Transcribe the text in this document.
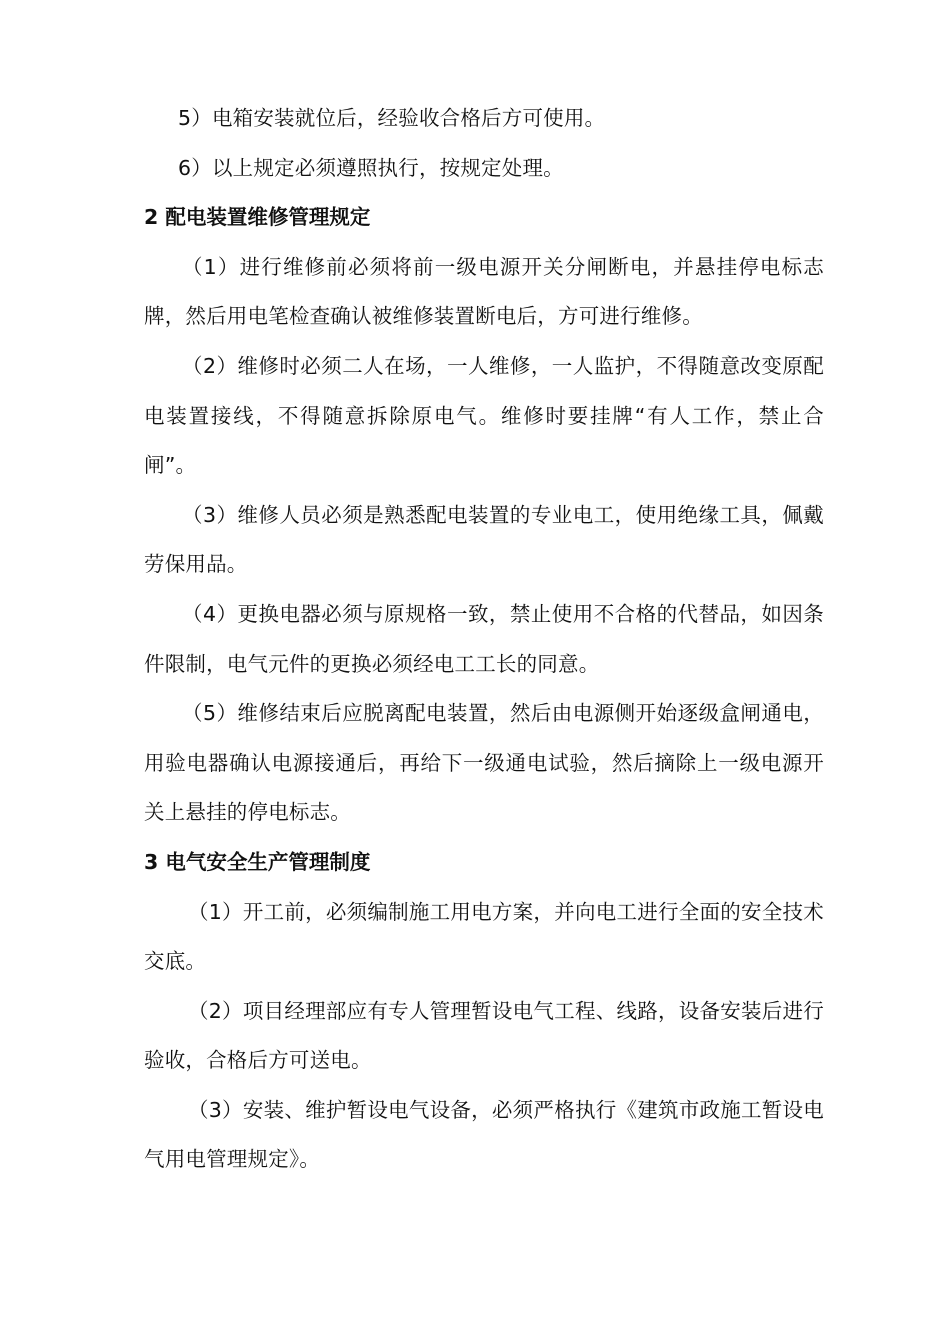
5）电箱安装就位后，经验收合格后方可使用。

6）以上规定必须遵照执行，按规定处理。

2 配电装置维修管理规定

（1）进行维修前必须将前一级电源开关分闸断电，并悬挂停电标志牌，然后用电笔检查确认被维修装置断电后，方可进行维修。

（2）维修时必须二人在场，一人维修，一人监护，不得随意改变原配电装置接线，不得随意拆除原电气。维修时要挂牌“有人工作，禁止合闸”。

（3）维修人员必须是熟悉配电装置的专业电工，使用绝缘工具，佩戴劳保用品。

（4）更换电器必须与原规格一致，禁止使用不合格的代替品，如因条件限制，电气元件的更换必须经电工工长的同意。

（5）维修结束后应脱离配电装置，然后由电源侧开始逐级盒闸通电，用验电器确认电源接通后，再给下一级通电试验，然后摘除上一级电源开关上悬挂的停电标志。

3 电气安全生产管理制度

（1）开工前，必须编制施工用电方案，并向电工进行全面的安全技术交底。

（2）项目经理部应有专人管理暂设电气工程、线路，设备安装后进行验收，合格后方可送电。

（3）安装、维护暂设电气设备，必须严格执行《建筑市政施工暂设电气用电管理规定》。
